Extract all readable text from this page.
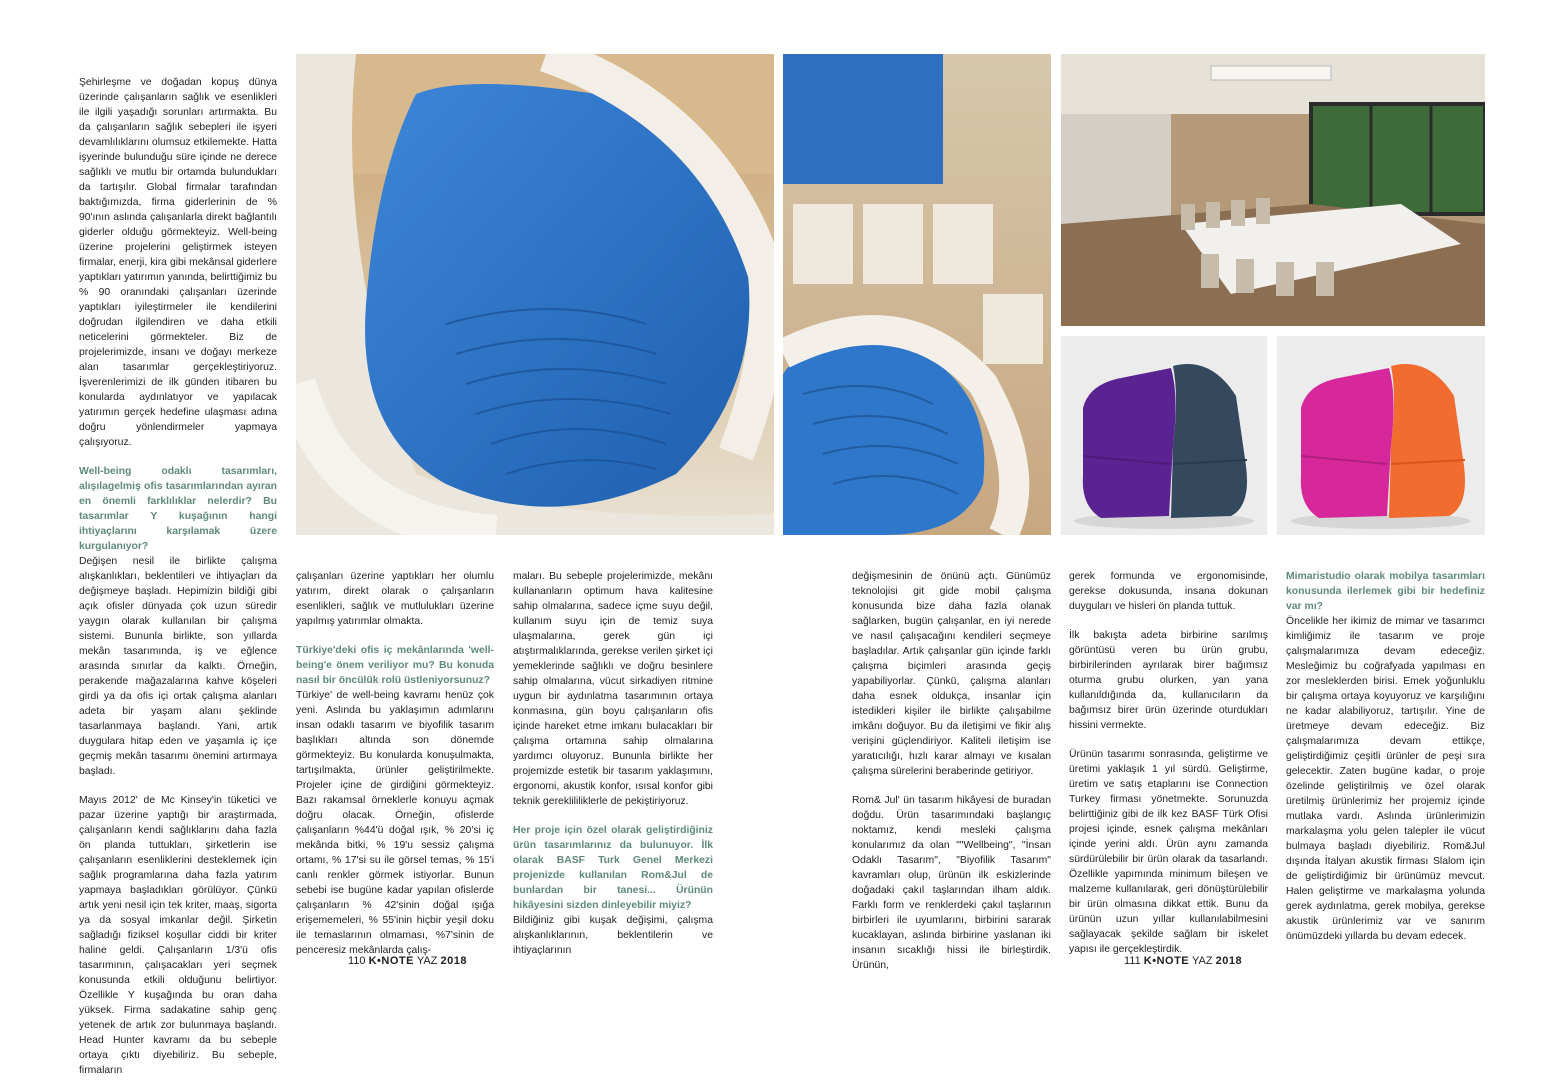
Şehirleşme ve doğadan kopuş dünya üzerinde çalışanların sağlık ve esenlikleri ile ilgili yaşadığı sorunları artırmakta. Bu da çalışanların sağlık sebepleri ile işyeri devamlılıklarını olumsuz etkilemekte. Hatta işyerinde bulunduğu süre içinde ne derece sağlıklı ve mutlu bir ortamda bulundukları da tartışılır. Global firmalar tarafından baktığımızda, firma giderlerinin de % 90'ının aslında çalışanlarla direkt bağlantılı giderler olduğu görmekteyiz. Well-being üzerine projelerini geliştirmek isteyen firmalar, enerji, kira gibi mekânsal giderlere yaptıkları yatırımın yanında, belirttiğimiz bu % 90 oranındaki çalışanları üzerinde yaptıkları iyileştirmeler ile kendilerini doğrudan ilgilendiren ve daha etkili neticelerini görmekteler. Biz de projelerimizde, insanı ve doğayı merkeze alan tasarımlar gerçekleştiriyoruz. İşverenlerimizi de ilk günden itibaren bu konularda aydınlatıyor ve yapılacak yatırımın gerçek hedefine ulaşması adına doğru yönlendirmeler yapmaya çalışıyoruz.

Well-being odaklı tasarımları, alışılagelmiş ofis tasarımlarından ayıran en önemli farklılıklar nelerdir? Bu tasarımlar Y kuşağının hangi ihtiyaçlarını karşılamak üzere kurgulanıyor?

Değişen nesil ile birlikte çalışma alışkanlıkları, beklentileri ve ihtiyaçları da değişmeye başladı. Hepimizin bildiği gibi açık ofisler dünyada çok uzun süredir yaygın olarak kullanılan bir çalışma sistemi. Bununla birlikte, son yıllarda mekân tasarımında, iş ve eğlence arasında sınırlar da kalktı. Örneğin, perakende mağazalarına kahve köşeleri girdi ya da ofis içi ortak çalışma alanları adeta bir yaşam alanı şeklinde tasarlanmaya başlandı. Yani, artık duygulara hitap eden ve yaşamla iç içe geçmiş mekân tasarımı önemini artırmaya başladı.

Mayıs 2012' de Mc Kinsey'in tüketici ve pazar üzerine yaptığı bir araştırmada, çalışanların kendi sağlıklarını daha fazla ön planda tuttukları, şirketlerin ise çalışanların esenliklerini desteklemek için sağlık programlarına daha fazla yatırım yapmaya başladıkları görülüyor. Çünkü artık yeni nesil için tek kriter, maaş, sigorta ya da sosyal imkanlar değil. Şirketin sağladığı fiziksel koşullar ciddi bir kriter haline geldi. Çalışanların 1/3'ü ofis tasarımının, çalışacakları yeri seçmek konusunda etkili olduğunu belirtiyor. Özellikle Y kuşağında bu oran daha yüksek. Firma sadakatine sahip genç yetenek de artık zor bulunmaya başlandı. Head Hunter kavramı da bu sebeple ortaya çıktı diyebiliriz. Bu sebeple, firmaların

çalışanları üzerine yaptıkları her olumlu yatırım, direkt olarak o çalışanların esenlikleri, sağlık ve mutlulukları üzerine yapılmış yatırımlar olmakta.

Türkiye'deki ofis iç mekânlarında 'well-being'e önem veriliyor mu? Bu konuda nasıl bir öncülük rolü üstleniyorsunuz?

Türkiye' de well-being kavramı henüz çok yeni. Aslında bu yaklaşımın adımlarını insan odaklı tasarım ve biyofilik tasarım başlıkları altında son dönemde görmekteyiz. Bu konularda konuşulmakta, tartışılmakta, ürünler geliştirilmekte. Projeler içine de girdiğini görmekteyiz. Bazı rakamsal örneklerle konuyu açmak doğru olacak. Örneğin, ofislerde çalışanların %44'ü doğal ışık, % 20'si iç mekânda bitki, % 19'u sessiz çalışma ortamı, % 17'si su ile görsel temas, % 15'i canlı renkler görmek istiyorlar. Bunun sebebi ise bugüne kadar yapılan ofislerde çalışanların % 42'sinin doğal ışığa erişememeleri, % 55'inin hiçbir yeşil doku ile temaslarının olmaması, %7'sinin de penceresiz mekânlarda çalış-

maları. Bu sebeple projelerimizde, mekânı kullananların optimum hava kalitesine sahip olmalarına, sadece içme suyu değil, kullanım suyu için de temiz suya ulaşmalarına, gerek gün içi atıştırmalıklarında, gerekse verilen şirket içi yemeklerinde sağlıklı ve doğru besinlere sahip olmalarına, vücut sirkadiyen ritmine uygun bir aydınlatma tasarımının ortaya konmasına, gün boyu çalışanların ofis içinde hareket etme imkanı bulacakları bir çalışma ortamına sahip olmalarına yardımcı oluyoruz. Bununla birlikte her projemizde estetik bir tasarım yaklaşımını, ergonomi, akustik konfor, ısısal konfor gibi teknik gereklililiklerle de pekiştiriyoruz.

Her proje için özel olarak geliştirdiğiniz ürün tasarımlarınız da bulunuyor. İlk olarak BASF Turk Genel Merkezi projenizde kullanılan Rom&Jul de bunlardan bir tanesi... Ürünün hikâyesini sizden dinleyebilir miyiz?

Bildiğiniz gibi kuşak değişimi, çalışma alışkanlıklarının, beklentilerin ve ihtiyaçlarının

110 K•NOTE YAZ 2018

değişmesinin de önünü açtı. Günümüz teknolojisi git gide mobil çalışma konusunda bize daha fazla olanak sağlarken, bugün çalışanlar, en iyi nerede ve nasıl çalışacağını kendileri seçmeye başladılar. Artık çalışanlar gün içinde farklı çalışma biçimleri arasında geçiş yapabiliyorlar. Çünkü, çalışma alanları daha esnek oldukça, insanlar için istedikleri kişiler ile birlikte çalışabilme imkânı doğuyor. Bu da iletişimi ve fikir alış verişini güçlendiriyor. Kaliteli iletişim ise yaratıcılığı, hızlı karar almayı ve kısalan çalışma sürelerini beraberinde getiriyor.

Rom& Jul' ün tasarım hikâyesi de buradan doğdu. Ürün tasarımındaki başlangıç noktamız, kendi mesleki çalışma konularımız da olan ""Wellbeing", "İnsan Odaklı Tasarım", "Biyofilik Tasarım" kavramları olup, ürünün ilk eskizlerinde doğadaki çakıl taşlarından ilham aldık. Farklı form ve renklerdeki çakıl taşlarının birbirleri ile uyumlarını, birbirini sararak kucaklayan, aslında birbirine yaslanan iki insanın sıcaklığı hissi ile birleştirdik. Ürünün,

gerek formunda ve ergonomisinde, gerekse dokusunda, insana dokunan duyguları ve hisleri ön planda tuttuk.

İlk bakışta adeta birbirine sarılmış görüntüsü veren bu ürün grubu, birbirilerinden ayrılarak birer bağımsız oturma grubu olurken, yan yana kullanıldığında da, kullanıcıların da bağımsız birer ürün üzerinde oturdukları hissini vermekte.

Ürünün tasarımı sonrasında, geliştirme ve üretimi yaklaşık 1 yıl sürdü. Geliştirme, üretim ve satış etaplarını ise Connection Turkey firması yönetmekte. Sorunuzda belirttiğiniz gibi de ilk kez BASF Türk Ofisi projesi içinde, esnek çalışma mekânları içinde yerini aldı. Ürün aynı zamanda sürdürülebilir bir ürün olarak da tasarlandı. Özellikle yapımında minimum bileşen ve malzeme kullanılarak, geri dönüştürülebilir bir ürün olmasına dikkat ettik. Bunu da ürünün uzun yıllar kullanılabilmesini sağlayacak şekilde sağlam bir iskelet yapısı ile gerçekleştirdik.

Mimaristudio olarak mobilya tasarımları konusunda ilerlemek gibi bir hedefiniz var mı?

Öncelikle her ikimiz de mimar ve tasarımcı kimliğimiz ile tasarım ve proje çalışmalarımıza devam edeceğiz. Mesleğimiz bu coğrafyada yapılması en zor mesleklerden birisi. Emek yoğunluklu bir çalışma ortaya koyuyoruz ve karşılığını ne kadar alabiliyoruz, tartışılır. Yine de üretmeye devam edeceğiz. Biz çalışmalarımıza devam ettikçe, geliştirdiğimiz çeşitli ürünler de peşi sıra gelecektir. Zaten bugüne kadar, o proje özelinde geliştirilmiş ve özel olarak üretilmiş ürünlerimiz her projemiz içinde mutlaka vardı. Aslında ürünlerimizin markalaşma yolu gelen talepler ile vücut bulmaya başladı diyebiliriz. Rom&Jul dışında İtalyan akustik firması Slalom için de geliştirdiğimiz bir ürünümüz mevcut. Halen geliştirme ve markalaşma yolunda gerek aydınlatma, gerek mobilya, gerekse akustik ürünlerimiz var ve sanırım önümüzdeki yıllarda bu devam edecek.

111 K•NOTE YAZ 2018
